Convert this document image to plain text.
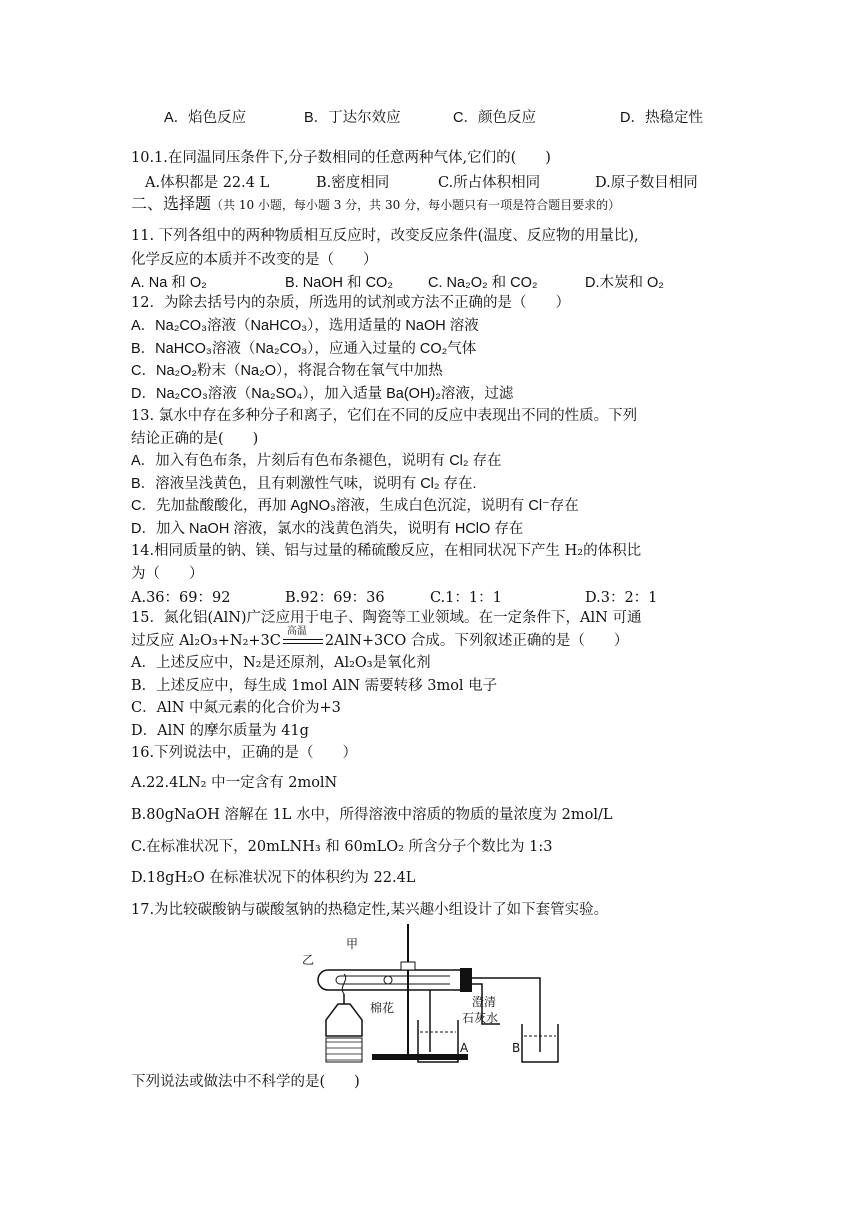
A．焰色反应	B．丁达尔效应	C．颜色反应	D．热稳定性
10.1.在同温同压条件下,分子数相同的任意两种气体,它们的(　　)
A.体积都是 22.4 L	B.密度相同	C.所占体积相同	D.原子数目相同
二、选择题（共 10 小题，每小题 3 分，共 30 分，每小题只有一项是符合题目要求的）
11. 下列各组中的两种物质相互反应时，改变反应条件(温度、反应物的用量比),
化学反应的本质并不改变的是（　　）
A. Na 和 O₂	B. NaOH 和 CO₂ C. Na₂O₂ 和 CO₂	D.木炭和 O₂
12．为除去括号内的杂质，所选用的试剂或方法不正确的是（　　）
A．Na₂CO₃溶液（NaHCO₃），选用适量的 NaOH 溶液
B．NaHCO₃溶液（Na₂CO₃），应通入过量的 CO₂气体
C．Na₂O₂粉末（Na₂O），将混合物在氧气中加热
D．Na₂CO₃溶液（Na₂SO₄），加入适量 Ba(OH)₂溶液，过滤
13. 氯水中存在多种分子和离子，它们在不同的反应中表现出不同的性质。下列
结论正确的是(　　)
A．加入有色布条，片刻后有色布条褪色，说明有 Cl₂ 存在
B．溶液呈浅黄色，且有刺激性气味，说明有 Cl₂ 存在.
C．先加盐酸酸化，再加 AgNO₃溶液，生成白色沉淀，说明有 Cl⁻存在
D．加入 NaOH 溶液，氯水的浅黄色消失，说明有 HClO 存在
14.相同质量的钠、镁、铝与过量的稀硫酸反应，在相同状况下产生 H₂的体积比
为（　　）
A.36：69：92	B.92：69：36	C.1：1：1	D.3：2：1
15．氮化铝(AlN)广泛应用于电子、陶瓷等工业领域。在一定条件下，AlN 可通
过反应 Al₂O₃+N₂+3C
高温
2AlN+3CO 合成。下列叙述正确的是（　　）
A．上述反应中，N₂是还原剂，Al₂O₃是氧化剂
B．上述反应中，每生成 1mol AlN 需要转移 3mol 电子
C．AlN 中氮元素的化合价为+3
D．AlN 的摩尔质量为 41g
16.下列说法中，正确的是（　　）
A.22.4LN₂ 中一定含有 2molN
B.80gNaOH 溶解在 1L 水中，所得溶液中溶质的物质的量浓度为 2mol/L
C.在标准状况下，20mLNH₃ 和 60mLO₂ 所含分子个数比为 1:3
D.18gH₂O 在标准状况下的体积约为 22.4L
17.为比较碳酸钠与碳酸氢钠的热稳定性,某兴趣小组设计了如下套管实验。
乙
甲
棉花	澄清
石灰水
A	B
下列说法或做法中不科学的是(　　)
